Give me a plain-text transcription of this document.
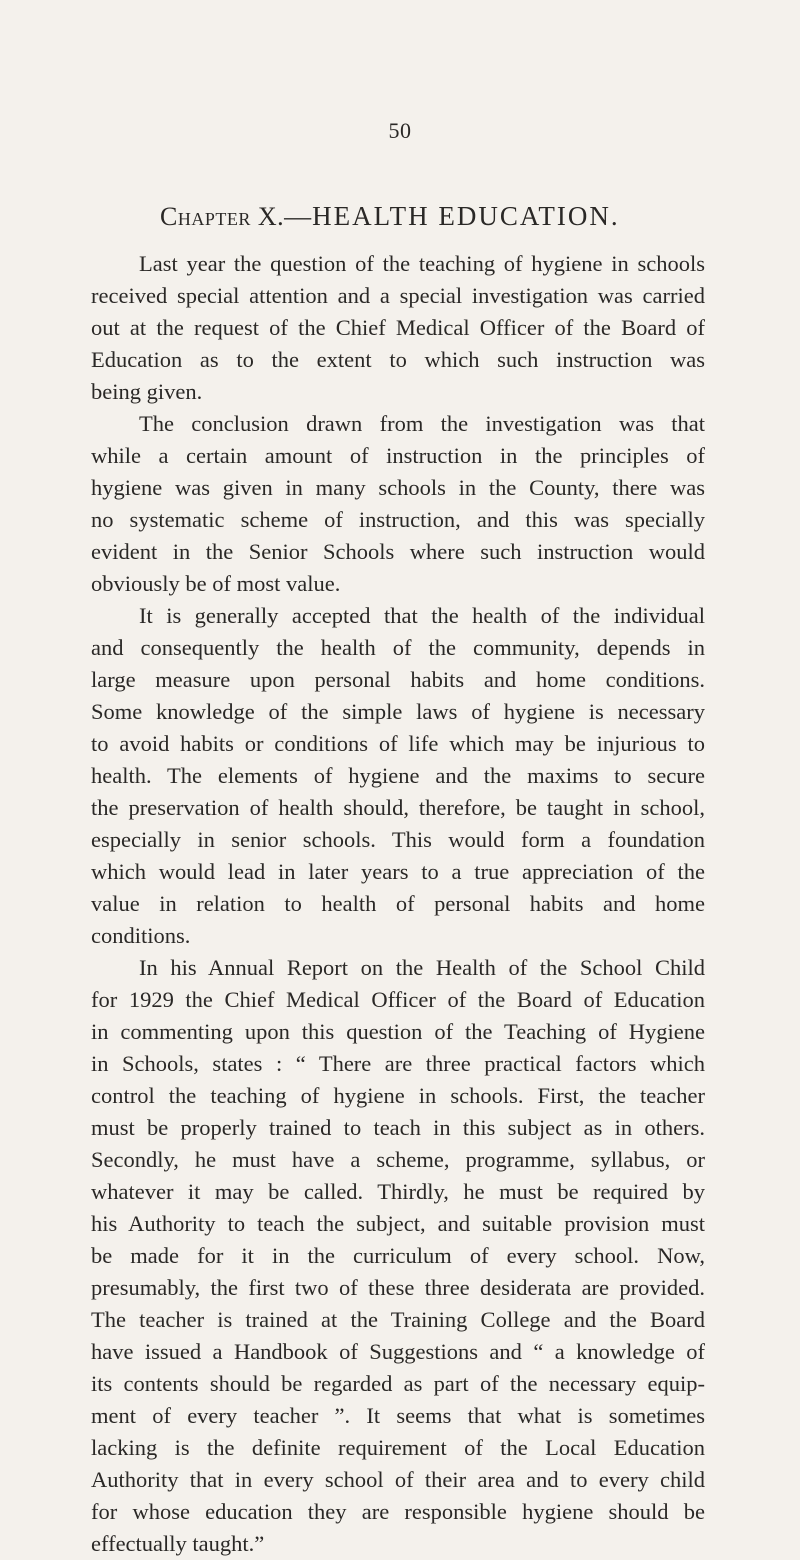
50
Chapter X.—HEALTH EDUCATION.
Last year the question of the teaching of hygiene in schools
received special attention and a special investigation was carried
out at the request of the Chief Medical Officer of the Board of
Education as to the extent to which such instruction was
being given.
The conclusion drawn from the investigation was that
while a certain amount of instruction in the principles of
hygiene was given in many schools in the County, there was
no systematic scheme of instruction, and this was specially
evident in the Senior Schools where such instruction would
obviously be of most value.
It is generally accepted that the health of the individual
and consequently the health of the community, depends in
large measure upon personal habits and home conditions.
Some knowledge of the simple laws of hygiene is necessary
to avoid habits or conditions of life which may be injurious to
health. The elements of hygiene and the maxims to secure
the preservation of health should, therefore, be taught in school,
especially in senior schools. This would form a foundation
which would lead in later years to a true appreciation of the
value in relation to health of personal habits and home
conditions.
In his Annual Report on the Health of the School Child
for 1929 the Chief Medical Officer of the Board of Education
in commenting upon this question of the Teaching of Hygiene
in Schools, states : “ There are three practical factors which
control the teaching of hygiene in schools. First, the teacher
must be properly trained to teach in this subject as in others.
Secondly, he must have a scheme, programme, syllabus, or
whatever it may be called. Thirdly, he must be required by
his Authority to teach the subject, and suitable provision must
be made for it in the curriculum of every school. Now,
presumably, the first two of these three desiderata are provided.
The teacher is trained at the Training College and the Board
have issued a Handbook of Suggestions and “ a knowledge of
its contents should be regarded as part of the necessary equip-
ment of every teacher ”. It seems that what is sometimes
lacking is the definite requirement of the Local Education
Authority that in every school of their area and to every child
for whose education they are responsible hygiene should be
effectually taught.”
